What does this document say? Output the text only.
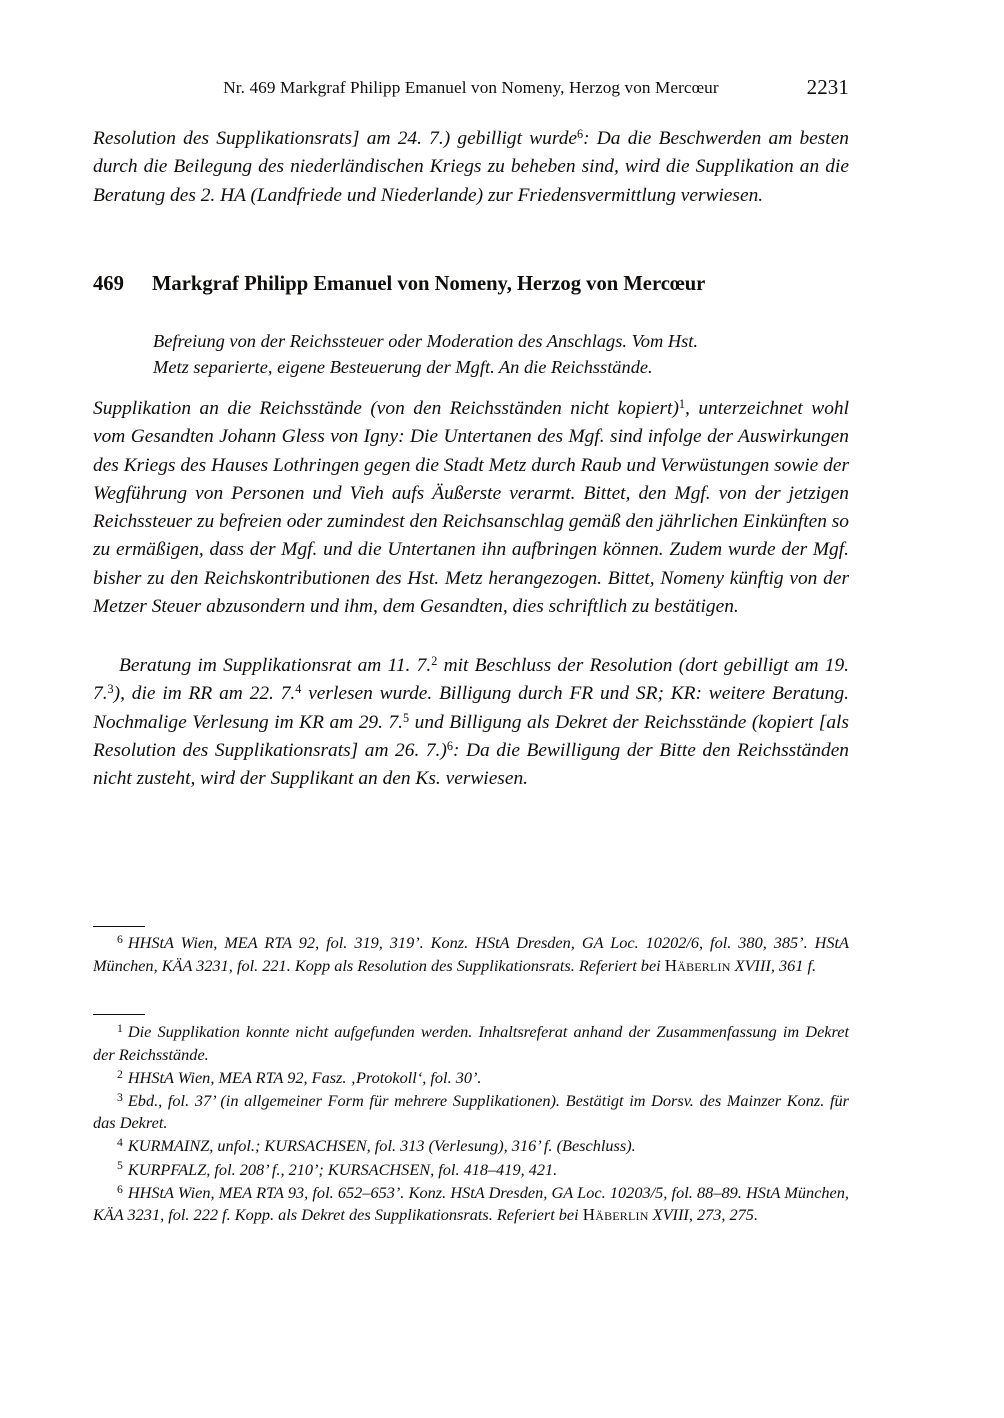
Nr. 469 Markgraf Philipp Emanuel von Nomeny, Herzog von Mercœur	2231

Resolution des Supplikationsrats] am 24. 7.) gebilligt wurde$^6$: Da die Beschwerden am besten durch die Beilegung des niederländischen Kriegs zu beheben sind, wird die Supplikation an die Beratung des 2. HA (Landfriede und Niederlande) zur Friedensvermittlung verwiesen.

469	Markgraf Philipp Emanuel von Nomeny, Herzog von Mercœur

Befreiung von der Reichssteuer oder Moderation des Anschlags. Vom Hst.

Metz separierte, eigene Besteuerung der Mgft. An die Reichsstände.

Supplikation an die Reichsstände (von den Reichsständen nicht kopiert)$^1$, unterzeichnet wohl vom Gesandten Johann Gless von Igny: Die Untertanen des Mgf. sind infolge der Auswirkungen des Kriegs des Hauses Lothringen gegen die Stadt Metz durch Raub und Verwüstungen sowie der Wegführung von Personen und Vieh aufs Äußerste verarmt. Bittet, den Mgf. von der jetzigen Reichssteuer zu befreien oder zumindest den Reichsanschlag gemäß den jährlichen Einkünften so zu ermäßigen, dass der Mgf. und die Untertanen ihn aufbringen können. Zudem wurde der Mgf. bisher zu den Reichskontributionen des Hst. Metz herangezogen. Bittet, Nomeny künftig von der Metzer Steuer abzusondern und ihm, dem Gesandten, dies schriftlich zu bestätigen.

Beratung im Supplikationsrat am 11. 7.$^2$ mit Beschluss der Resolution (dort gebilligt am 19. 7.$^3$), die im RR am 22. 7.$^4$ verlesen wurde. Billigung durch FR und SR; KR: weitere Beratung. Nochmalige Verlesung im KR am 29. 7.$^5$ und Billigung als Dekret der Reichsstände (kopiert [als Resolution des Supplikationsrats] am 26. 7.)$^6$: Da die Bewilligung der Bitte den Reichsständen nicht zusteht, wird der Supplikant an den Ks. verwiesen.

$^6$ HHStA Wien, MEA RTA 92, fol. 319, 319’. Konz. HStA Dresden, GA Loc. 10202/6, fol. 380, 385’. HStA München, KÄA 3231, fol. 221. Kopp als Resolution des Supplikationsrats. Referiert bei Häberlin XVIII, 361 f.

$^1$ Die Supplikation konnte nicht aufgefunden werden. Inhaltsreferat anhand der Zusammenfassung im Dekret der Reichsstände.

$^2$ HHStA Wien, MEA RTA 92, Fasz. ‚Protokoll‘, fol. 30’.

$^3$ Ebd., fol. 37’ (in allgemeiner Form für mehrere Supplikationen). Bestätigt im Dorsv. des Mainzer Konz. für das Dekret.

$^4$ KURMAINZ, unfol.; KURSACHSEN, fol. 313 (Verlesung), 316’ f. (Beschluss).

$^5$ KURPFALZ, fol. 208’ f., 210’; KURSACHSEN, fol. 418–419, 421.

$^6$ HHStA Wien, MEA RTA 93, fol. 652–653’. Konz. HStA Dresden, GA Loc. 10203/5, fol. 88–89. HStA München, KÄA 3231, fol. 222 f. Kopp. als Dekret des Supplikationsrats. Referiert bei Häberlin XVIII, 273, 275.
